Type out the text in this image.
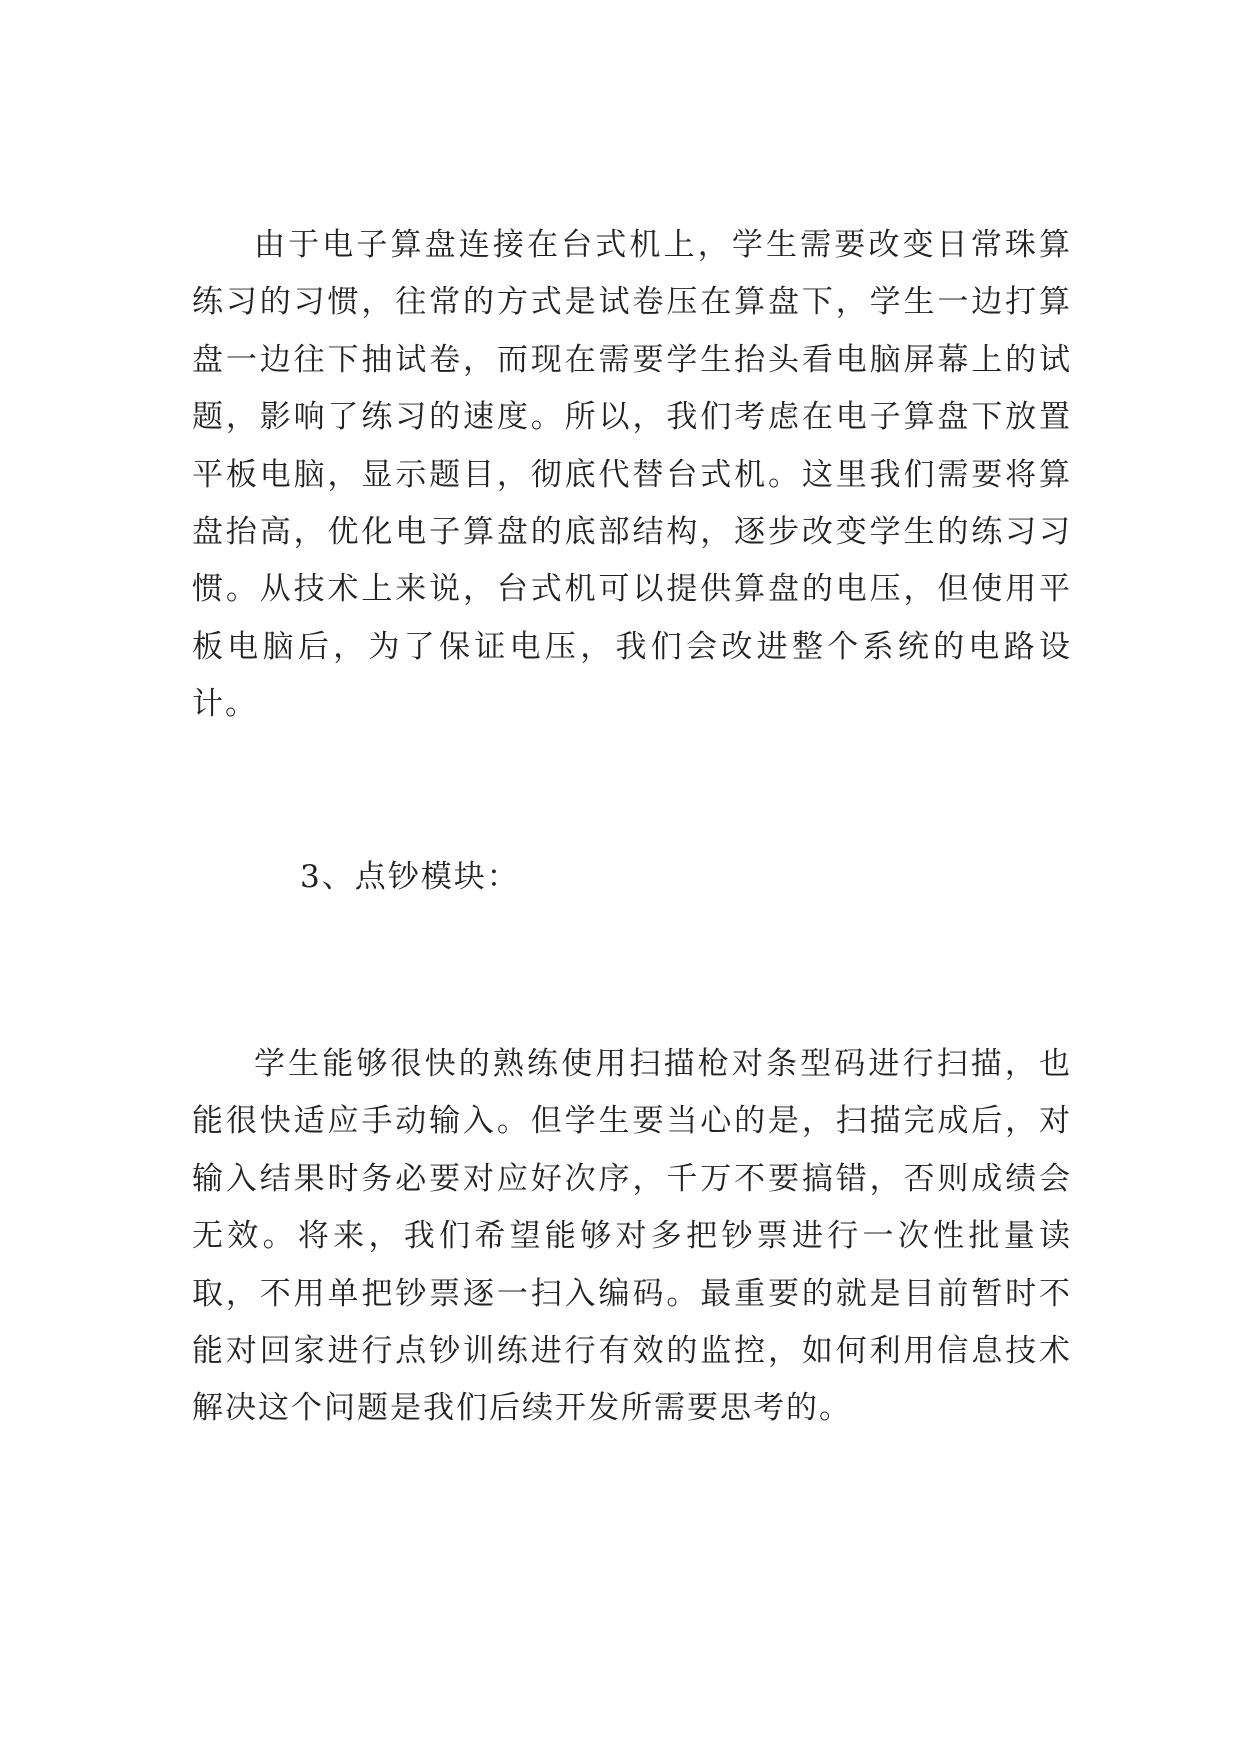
由于电子算盘连接在台式机上，学生需要改变日常珠算练习的习惯，往常的方式是试卷压在算盘下，学生一边打算盘一边往下抽试卷，而现在需要学生抬头看电脑屏幕上的试题，影响了练习的速度。所以，我们考虑在电子算盘下放置平板电脑，显示题目，彻底代替台式机。这里我们需要将算盘抬高，优化电子算盘的底部结构，逐步改变学生的练习习惯。从技术上来说，台式机可以提供算盘的电压，但使用平板电脑后，为了保证电压，我们会改进整个系统的电路设计。

3、点钞模块：

学生能够很快的熟练使用扫描枪对条型码进行扫描，也能很快适应手动输入。但学生要当心的是，扫描完成后，对输入结果时务必要对应好次序，千万不要搞错，否则成绩会无效。将来，我们希望能够对多把钞票进行一次性批量读取，不用单把钞票逐一扫入编码。最重要的就是目前暂时不能对回家进行点钞训练进行有效的监控，如何利用信息技术解决这个问题是我们后续开发所需要思考的。
